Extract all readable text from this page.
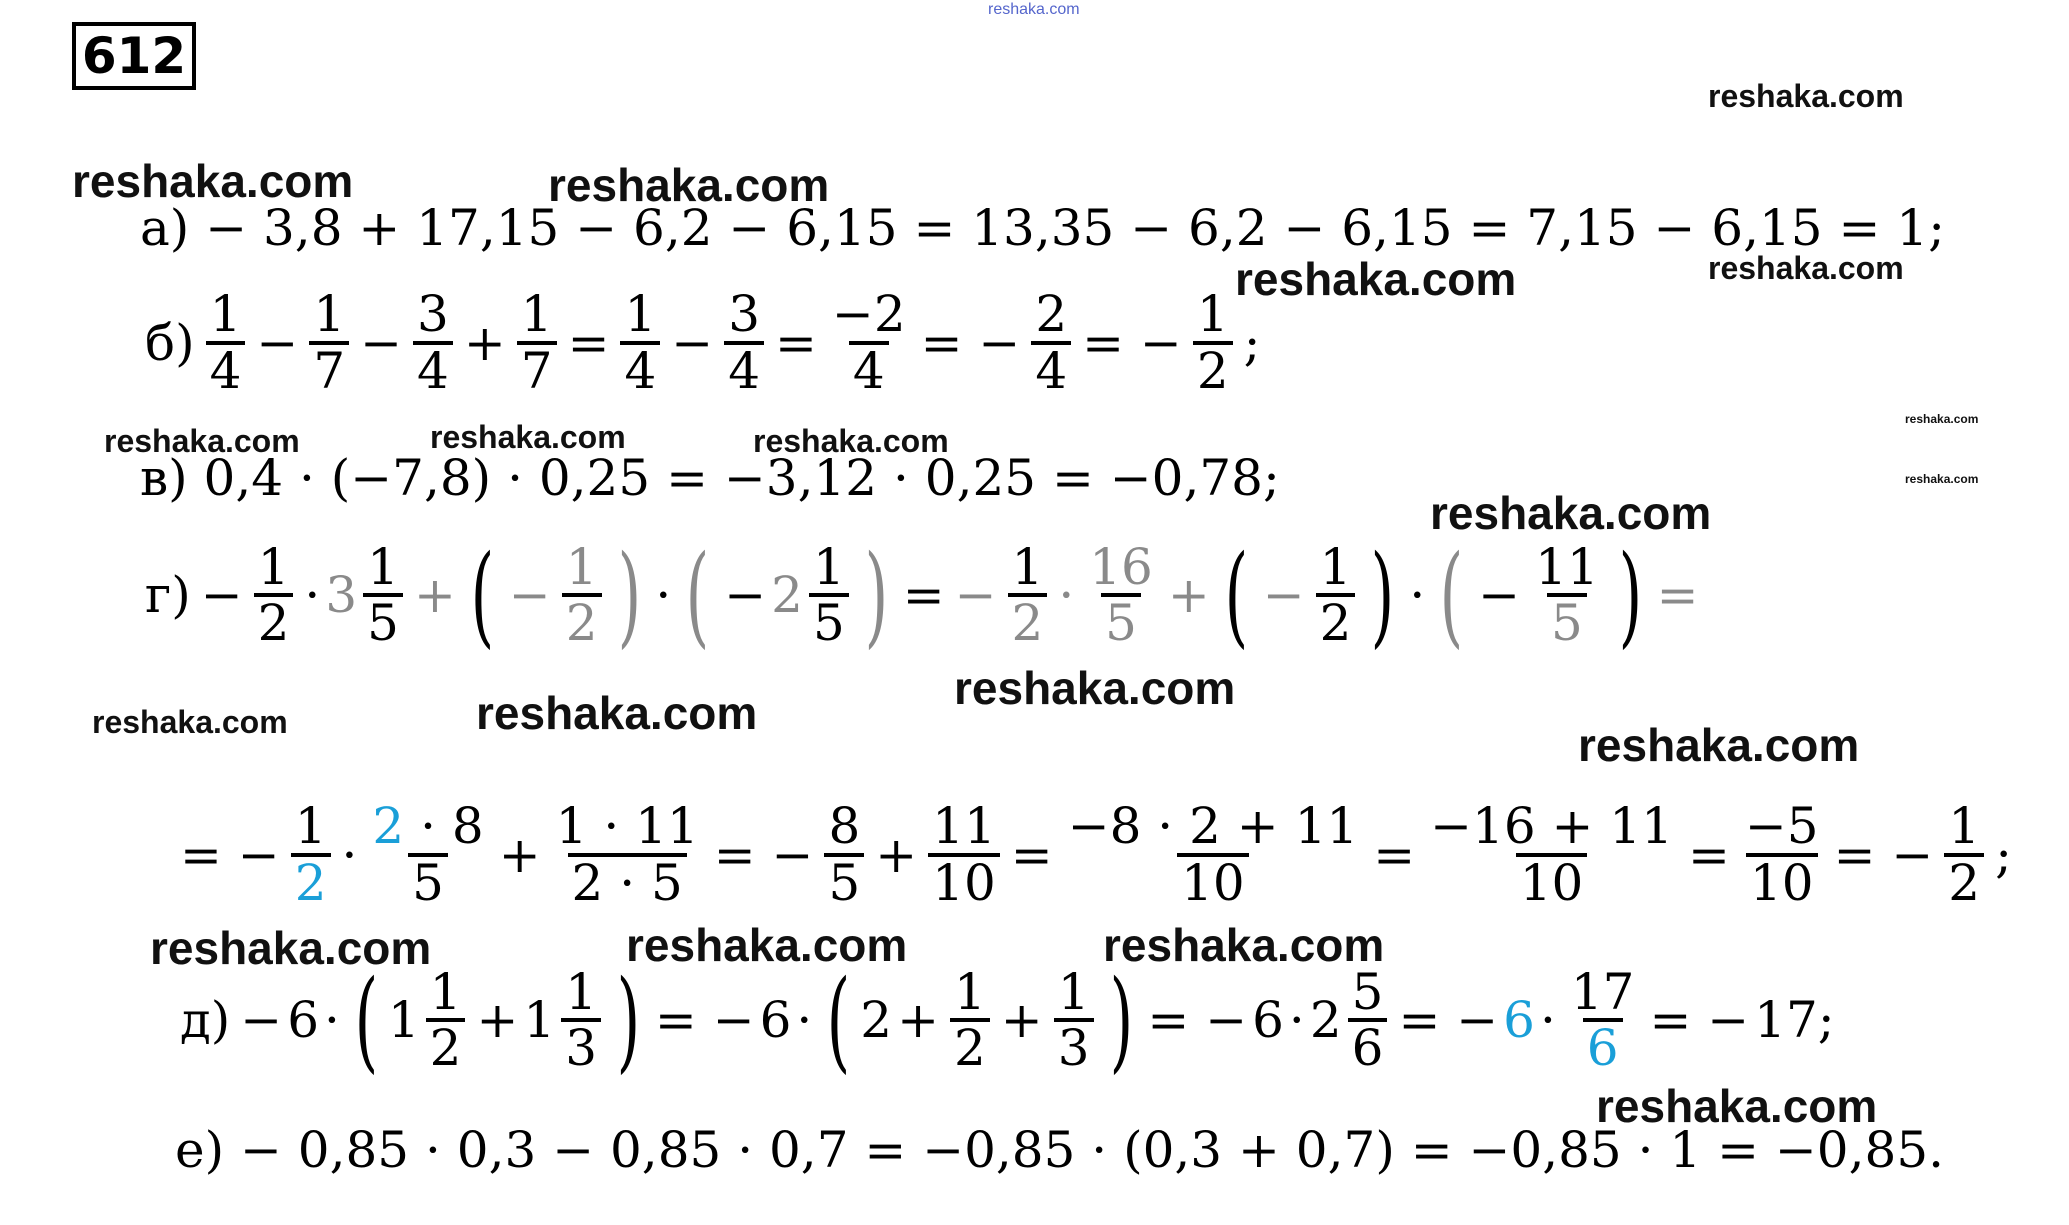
612
reshaka.com
reshaka.com
reshaka.com	reshaka.com
reshaka.com	reshaka.com
reshaka.com	reshaka.com	reshaka.com
reshaka.com
reshaka.com
reshaka.com
reshaka.com
reshaka.com	reshaka.com
reshaka.com
reshaka.com	reshaka.com	reshaka.com
reshaka.com
а) − 3,8 + 17,15 − 6,2 − 6,15 = 13,35 − 6,2 − 6,15 = 7,15 − 6,15 = 1;
$б) \frac{1}{4} - \frac{1}{7} - \frac{3}{4} + \frac{1}{7} = \frac{1}{4} - \frac{3}{4} = \frac{-2}{4}$ = − $\frac{2}{4}$ = − $\frac{1}{2}$ ;
в) 0,4 · (−7,8) · 0,25 = −3,12 · 0,25 = −0,78;
$г) - \frac{1}{2} \cdot 3 \frac{1}{5}$ + ( − $\frac{1}{2}$ ) · ( − $2 \frac{1}{5}$ ) = − $\frac{1}{2} \cdot \frac{16}{5}$ + ( − $\frac{1}{2}$ ) · ( − $\frac{11}{5}$ ) =
= − $\frac{1}{2} \cdot \frac{2 \cdot 8}{5} + \frac{1 \cdot 11}{2 \cdot 5}$ = − $\frac{8}{5} + \frac{11}{10} = \frac{-8 \cdot 2 + 11}{10} = \frac{-16 + 11}{10} = \frac{-5}{10}$ = − $\frac{1}{2}$ ;
д) − 6 · ( $1 \frac{1}{2} + 1 \frac{1}{3}$ ) = − 6 · ( $2 + \frac{1}{2} + \frac{1}{3}$ ) = − $6 \cdot 2 \frac{5}{6}$ = − $6 \cdot \frac{17}{6}$ = − 17 ;
е) − 0,85 · 0,3 − 0,85 · 0,7 = −0,85 · (0,3 + 0,7) = −0,85 · 1 = −0,85.
